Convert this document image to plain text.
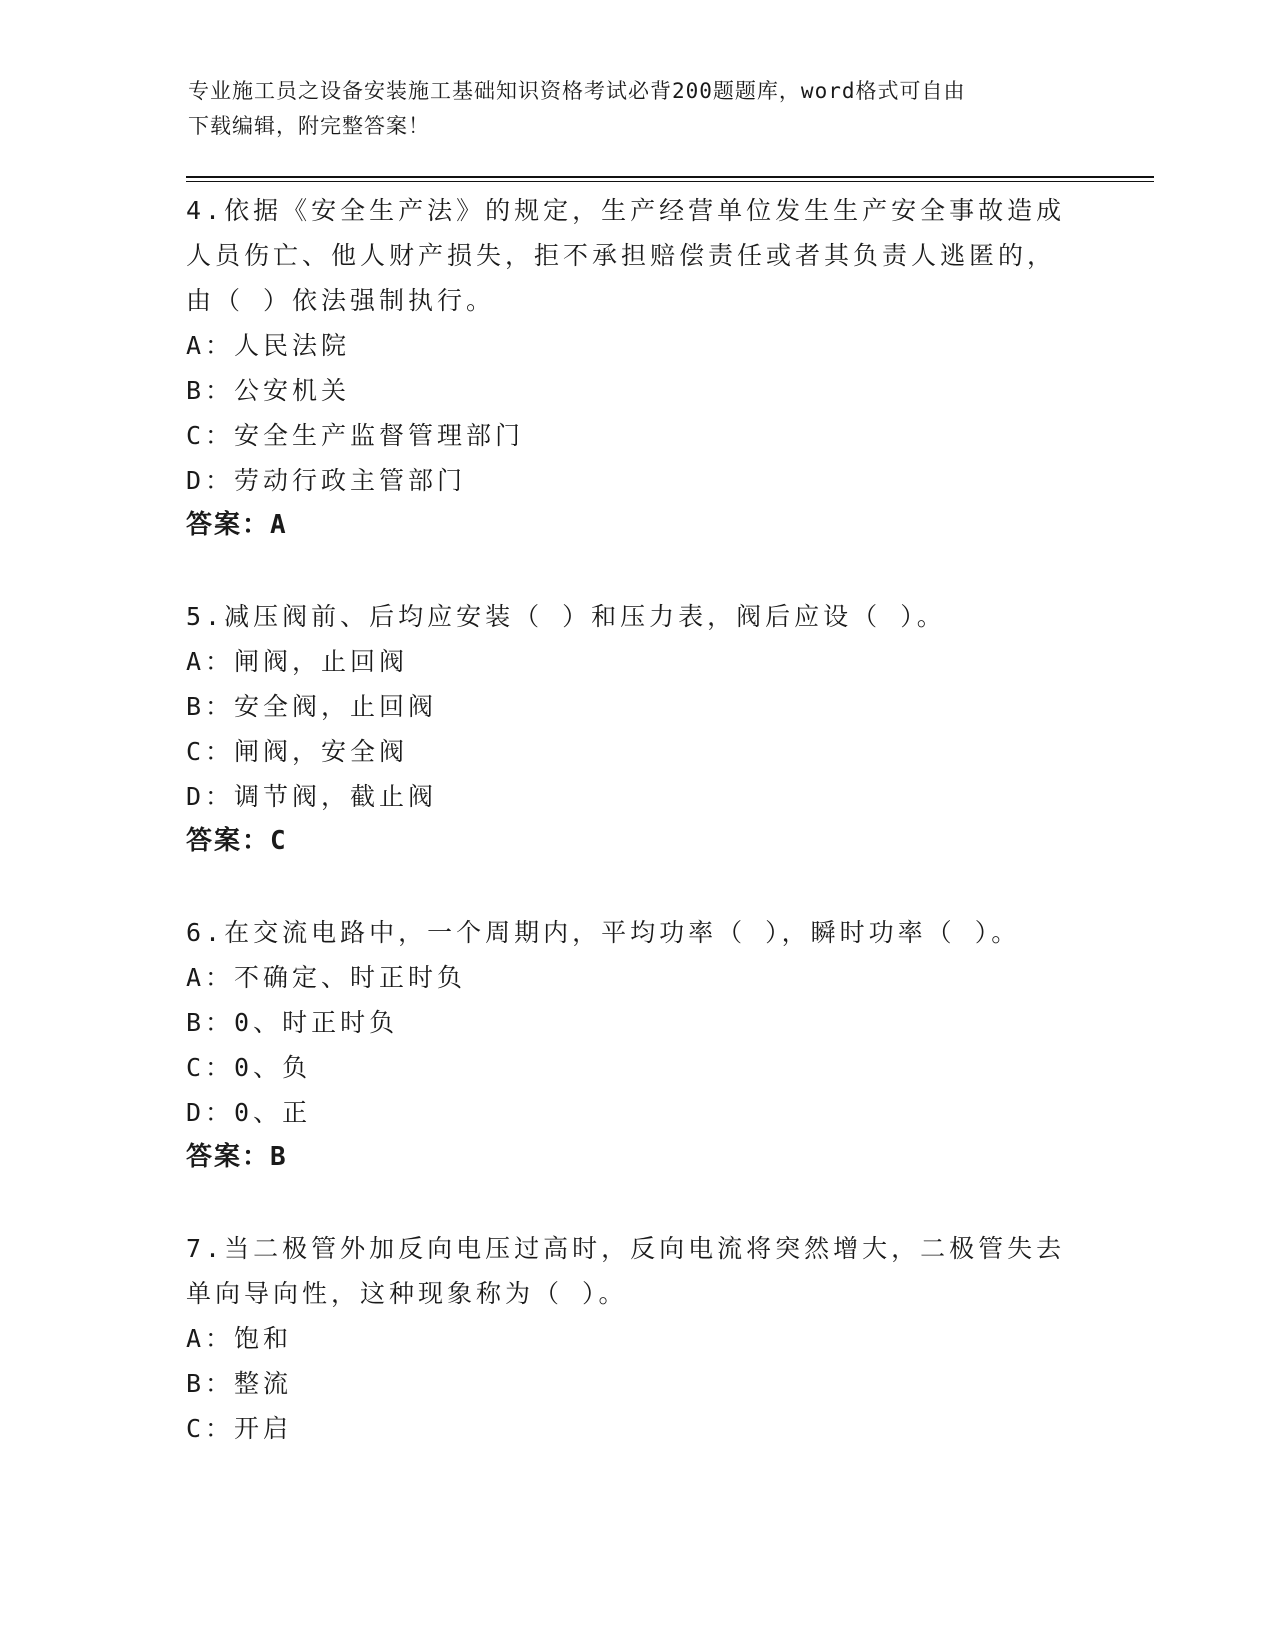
专业施工员之设备安装施工基础知识资格考试必背200题题库，word格式可自由
下载编辑，附完整答案！

4.依据《安全生产法》的规定，生产经营单位发生生产安全事故造成

人员伤亡、他人财产损失，拒不承担赔偿责任或者其负责人逃匿的，

由（ ）依法强制执行。

A：人民法院

B：公安机关

C：安全生产监督管理部门

D：劳动行政主管部门

答案：A

5.减压阀前、后均应安装（ ）和压力表，阀后应设（ ）。

A：闸阀，止回阀

B：安全阀，止回阀

C：闸阀，安全阀

D：调节阀，截止阀

答案：C

6.在交流电路中，一个周期内，平均功率（ ），瞬时功率（ ）。

A：不确定、时正时负

B：0、时正时负

C：0、负

D：0、正

答案：B

7.当二极管外加反向电压过高时，反向电流将突然增大，二极管失去

单向导向性，这种现象称为（ ）。

A：饱和

B：整流

C：开启
